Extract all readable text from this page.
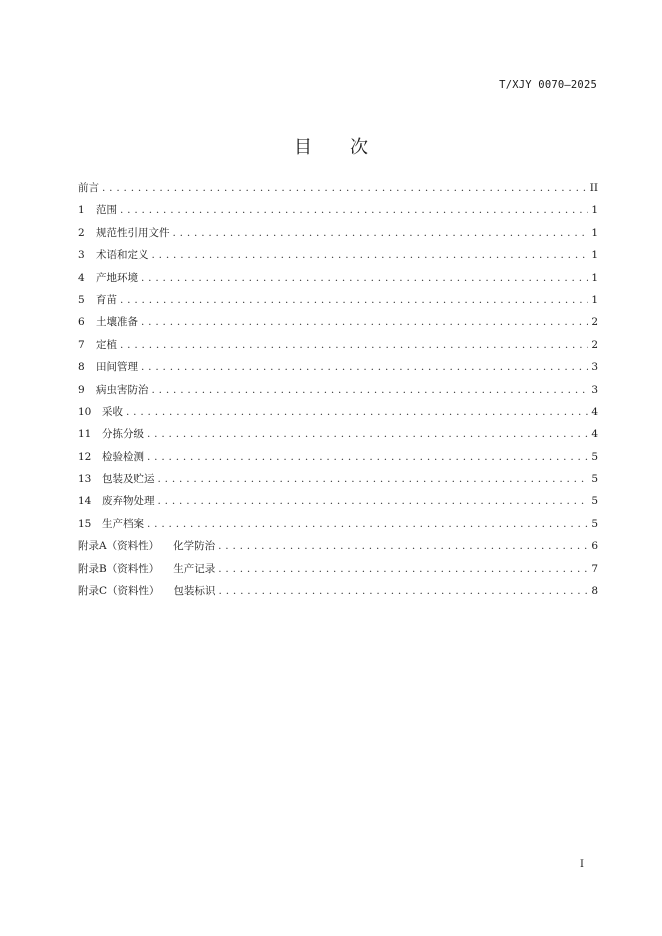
T/XJY 0070—2025
目次
前言 . . .	II
1 范围 . . .	1
2 规范性引用文件 . . .	1
3 术语和定义 . . .	1
4 产地环境 . . .	1
5 育苗 . . .	1
6 土壤准备 . . .	2
7 定植 . . .	2
8 田间管理 . . .	3
9 病虫害防治 . . .	3
10 采收 . . .	4
11 分拣分级 . . .	4
12 检验检测 . . .	5
13 包装及贮运 . . .	5
14 废弃物处理 . . .	5
15 生产档案 . . .	5
附录A（资料性） 化学防治 . . .	6
附录B（资料性） 生产记录 . . .	7
附录C（资料性） 包装标识 . . .	8
I
